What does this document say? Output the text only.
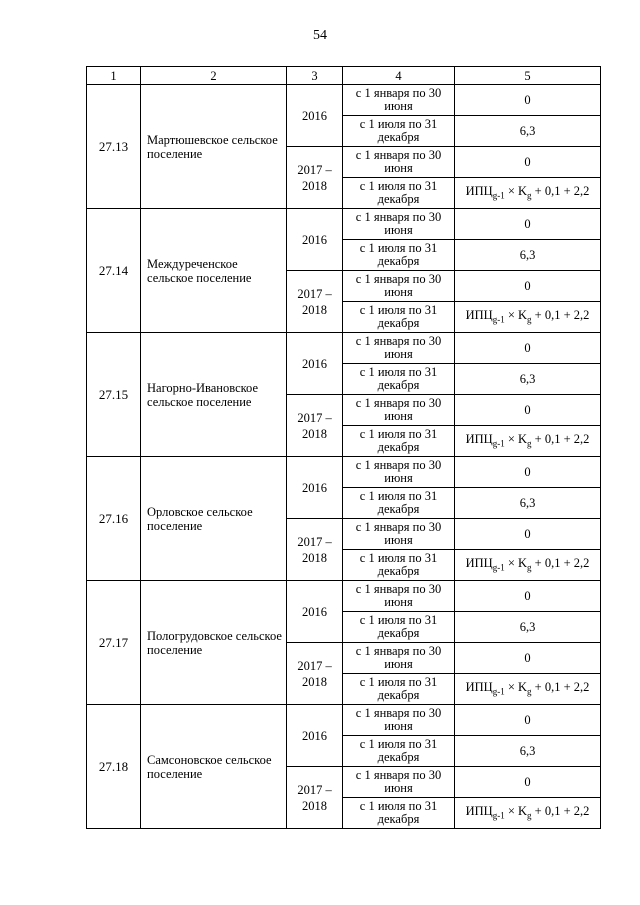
54
1	2	3	4	5
27.13	Мартюшевское сельское поселение	2016	с 1 января по 30 июня	0
			с 1 июля по 31 декабря	6,3
		2017 – 2018	с 1 января по 30 июня	0
			с 1 июля по 31 декабря	$ИПЦ_{g-1} \times K_g + 0,1 + 2,2$
27.14	Междуреченское сельское поселение	2016	с 1 января по 30 июня	0
			с 1 июля по 31 декабря	6,3
		2017 – 2018	с 1 января по 30 июня	0
			с 1 июля по 31 декабря	$ИПЦ_{g-1} \times K_g + 0,1 + 2,2$
27.15	Нагорно-Ивановское сельское поселение	2016	с 1 января по 30 июня	0
			с 1 июля по 31 декабря	6,3
		2017 – 2018	с 1 января по 30 июня	0
			с 1 июля по 31 декабря	$ИПЦ_{g-1} \times K_g + 0,1 + 2,2$
27.16	Орловское сельское поселение	2016	с 1 января по 30 июня	0
			с 1 июля по 31 декабря	6,3
		2017 – 2018	с 1 января по 30 июня	0
			с 1 июля по 31 декабря	$ИПЦ_{g-1} \times K_g + 0,1 + 2,2$
27.17	Пологрудовское сельское поселение	2016	с 1 января по 30 июня	0
			с 1 июля по 31 декабря	6,3
		2017 – 2018	с 1 января по 30 июня	0
			с 1 июля по 31 декабря	$ИПЦ_{g-1} \times K_g + 0,1 + 2,2$
27.18	Самсоновское сельское поселение	2016	с 1 января по 30 июня	0
			с 1 июля по 31 декабря	6,3
		2017 – 2018	с 1 января по 30 июня	0
			с 1 июля по 31 декабря	$ИПЦ_{g-1} \times K_g + 0,1 + 2,2$
